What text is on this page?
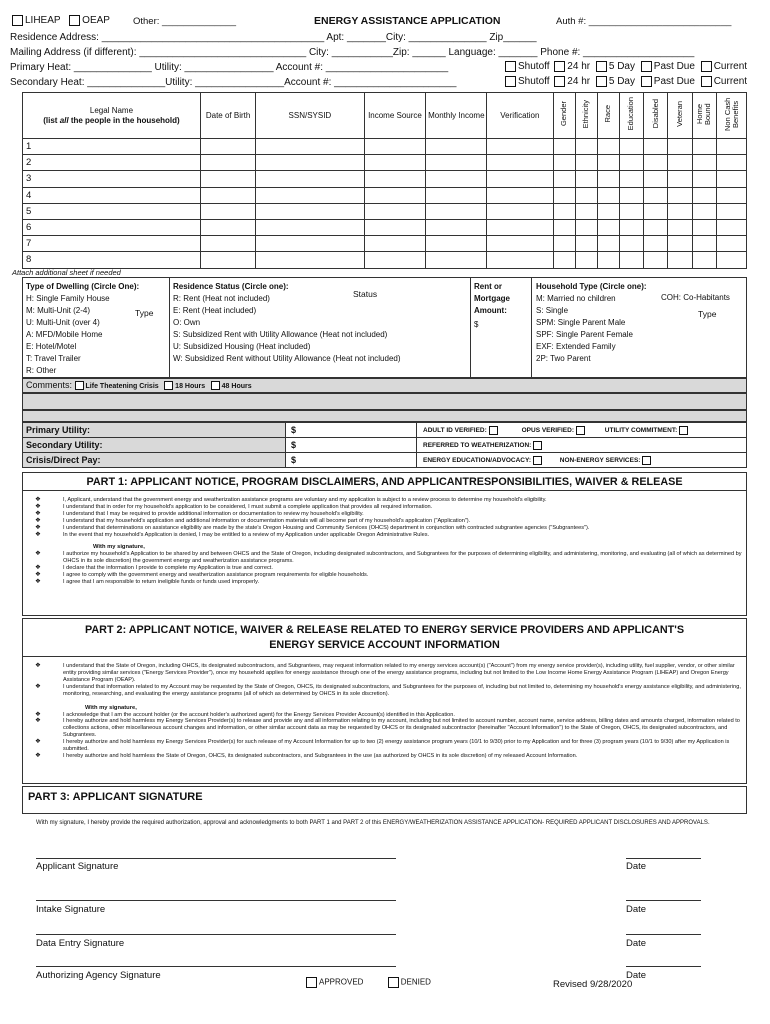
LIHEAP OEAP Other: ______________	ENERGY ASSISTANCE APPLICATION	Auth #: ___________________________
Residence Address: ________________________________________ Apt: _______City: ______________ Zip______
Mailing Address (if different): ______________________________ City: ___________Zip: ______ Language: _______ Phone #: ____________________
Primary Heat: ______________ Utility: ________________ Account #: ______________________	Shutoff 24 hr 5 Day Past Due Current
Secondary Heat: ______________Utility: ________________Account #: ______________________	Shutoff 24 hr 5 Day Past Due Current
Legal Name
(list all the people in the household)	Date of Birth	SSN/SYSID	Income Source	Monthly Income	Verification	Gender	Ethnicity	Race	Education	Disabled	Veteran	Home Bound	Non Cash Benefits
1													
2													
3													
4													
5													
6													
7													
8													
Attach additional sheet if needed
Type of Dwelling (Circle One):
H: Single Family House
M: Multi-Unit (2-4)
U: Multi-Unit (over 4)
A: MFD/Mobile Home
E: Hotel/Motel
T: Travel Trailer
R: Other
Type
Residence Status (Circle one):
Status
R: Rent (Heat not included)
E: Rent (Heat included)
O: Own
S: Subsidized Rent with Utility Allowance (Heat not included)
U: Subsidized Housing (Heat included)
W: Subsidized Rent without Utility Allowance (Heat not included)
Rent or
Mortgage
Amount:
$
Household Type (Circle one):
M: Married no children
S: Single
SPM: Single Parent Male
SPF: Single Parent Female
EXF: Extended Family
2P: Two Parent
COH: Co-Habitants
Type
Comments: Life Theatening Crisis 18 Hours 48 Hours
Primary Utility:	$	ADULT ID VERIFIED: OPUS VERIFIED: UTILITY COMMITMENT:
Secondary Utility:	$	REFERRED TO WEATHERIZATION:
Crisis/Direct Pay:	$	ENERGY EDUCATION/ADVOCACY: NON-ENERGY SERVICES:
PART 1: APPLICANT NOTICE, PROGRAM DISCLAIMERS, AND APPLICANTRESPONSIBILITIES, WAIVER & RELEASE
❖	I, Applicant, understand that the government energy and weatherization assistance programs are voluntary and my application is subject to a review process to determine my household's eligibility.
❖	I understand that in order for my household's application to be considered, I must submit a complete application that provides all required information.
❖	I understand that I may be required to provide additional information or documentation to review my household's eligibility.
❖	I understand that my household's application and additional information or documentation materials will all become part of my household's application ("Application").
❖	I understand that determinations on assistance eligibility are made by the state's Oregon Housing and Community Services (OHCS) department in conjunction with contracted subgrantee agencies ("Subgrantees").
❖	In the event that my household's Application is denied, I may be entitled to a review of my Application under applicable Oregon Administrative Rules.
With my signature,
❖	I authorize my household's Application to be shared by and between OHCS and the State of Oregon, including designated subcontractors, and Subgrantees for the purposes of determining eligibility, and administering, monitoring, and evaluating (all of which as determined by OHCS in its sole discretion) the government energy and weatherization assistance programs.
❖	I declare that the information I provide to complete my Application is true and correct.
❖	I agree to comply with the government energy and weatherization assistance program requirements for eligible households.
❖	I agree that I am responsible to return ineligible funds or funds used improperly.
PART 2: APPLICANT NOTICE, WAIVER & RELEASE RELATED TO ENERGY SERVICE PROVIDERS AND APPLICANT'S
ENERGY SERVICE ACCOUNT INFORMATION
❖	I understand that the State of Oregon, including OHCS, its designated subcontractors, and Subgrantees, may request information related to my energy services account(s) ("Account") from my energy service provider(s), including utility, fuel supplier, vendor, or other similar entity providing similar services ("Energy Services Provider"), once my household applies for energy assistance through one of the energy assistance programs, including but not limited to the Low Income Home Energy Assistance Program (LIHEAP) and Oregon Energy Assistance Program (OEAP).
❖	I understand that information related to my Account may be requested by the State of Oregon, OHCS, its designated subcontractors, and Subgrantees for the purposes of, including but not limited to, determining my household's energy assistance eligibility, and administering, monitoring, researching, and evaluating the energy assistance programs (all of which as determined by OHCS in its sole discretion).
With my signature,
❖	I acknowledge that I am the account holder (or the account holder's authorized agent) for the Energy Services Provider Account(s) identified in this Application.
❖	I hereby authorize and hold harmless my Energy Services Provider(s) to release and provide any and all information relating to my account, including but not limited to account number, account name, service address, billing dates and amounts charged, information related to collections actions, other miscellaneous account changes and information, or other similar account data as may be requested by OHCS or its designated subcontractor (hereinafter "Account Information") to the State of Oregon, OHCS, its designated subcontractors, and Subgrantees.
❖	I hereby authorize and hold harmless my Energy Services Provider(s) for such release of my Account Information for up to two (2) energy assistance program years (10/1 to 9/30) prior to my Application and for three (3) program years (10/1 to 9/30) after my Application is submitted.
❖	I hereby authorize and hold harmless the State of Oregon, OHCS, its designated subcontractors, and Subgrantees in the use (as authorized by OHCS in its sole discretion) of my released Account Information.
PART 3: APPLICANT SIGNATURE
With my signature, I hereby provide the required authorization, approval and acknowledgments to both PART 1 and PART 2 of this ENERGY/WEATHERIZATION ASSISTANCE APPLICATION- REQUIRED APPLICANT DISCLOSURES AND APPROVALS.
Applicant Signature	Date
Intake Signature	Date
Data Entry Signature	Date
Authorizing Agency Signature	Date
APPROVED	DENIED	Revised 9/28/2020
